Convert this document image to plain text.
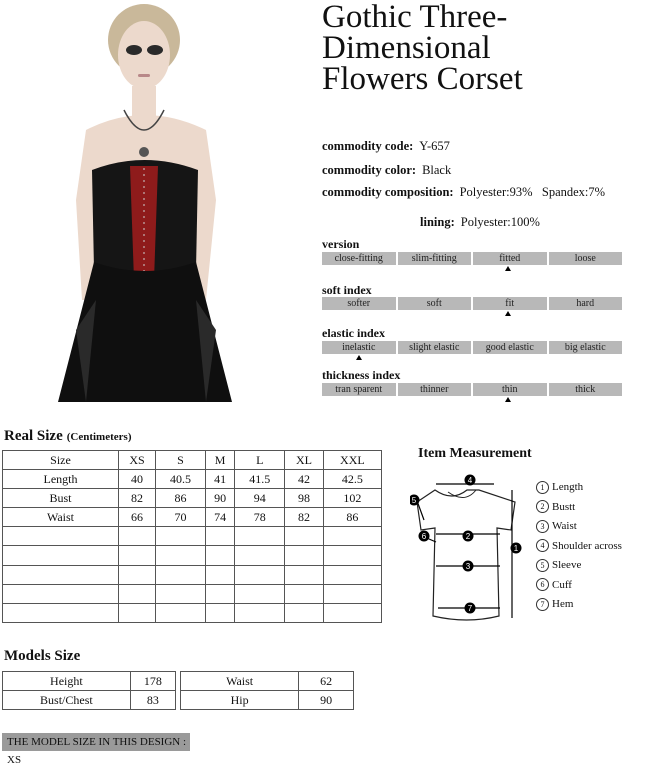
Gothic Three-
Dimensional
Flowers Corset
commodity code: Y-657
commodity color: Black
commodity composition: Polyester:93%   Spandex:7%
lining: Polyester:100%
version
close-fitting	slim-fitting	fitted	loose
soft index
softer	soft	fit	hard
elastic index
inelastic	slight elastic	good elastic	big elastic
thickness index
tran sparent	thinner	thin	thick
Real Size (Centimeters)
Size	XS	S	M	L	XL	XXL
Length	40	40.5	41	41.5	42	42.5
Bust	82	86	90	94	98	102
Waist	66	70	74	78	82	86

Models Size
Height	178
Bust/Chest	83
Waist	62
Hip	90
THE MODEL SIZE IN THIS DESIGN : XS
Item Measurement
4
2
3
7
1
5
6
1 Length
2 Bustt
3 Waist
4 Shoulder across
5 Sleeve
6 Cuff
7 Hem
